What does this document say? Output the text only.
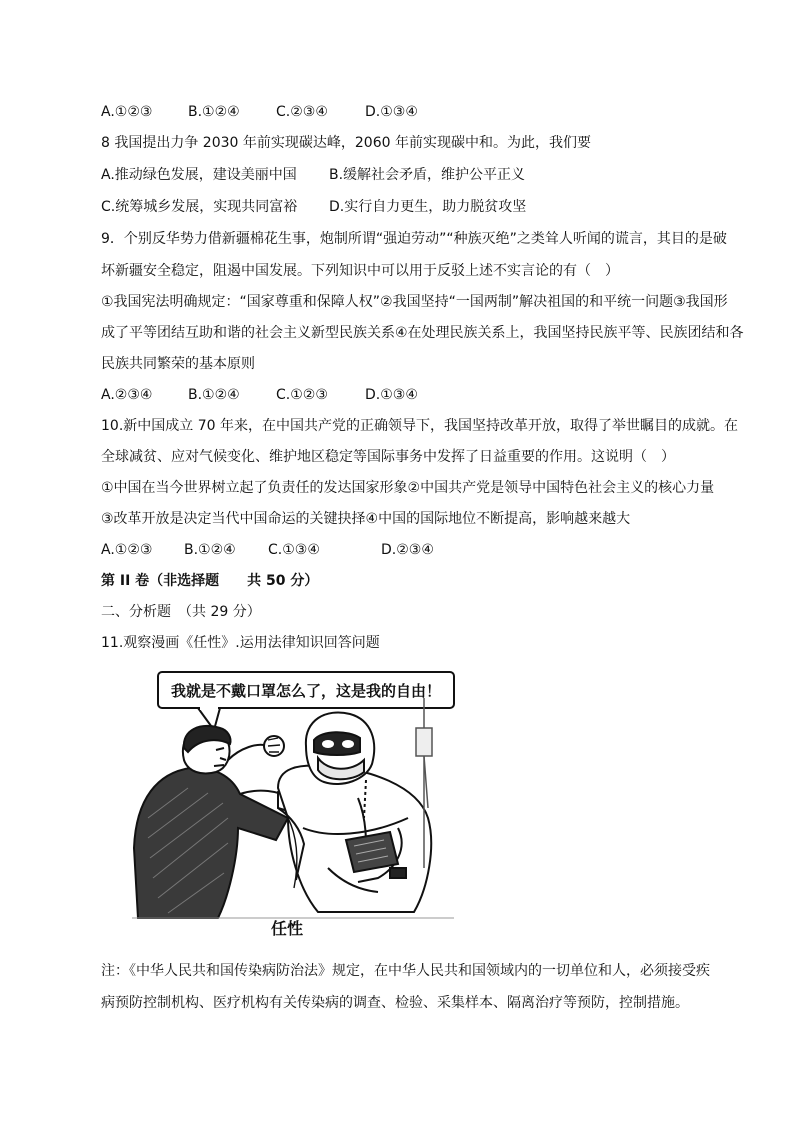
A.①②③	B.①②④	C.②③④	D.①③④
8 我国提出力争 2030 年前实现碳达峰，2060 年前实现碳中和。为此，我们要
A.推动绿色发展，建设美丽中国 B.缓解社会矛盾，维护公平正义
C.统筹城乡发展，实现共同富裕 D.实行自力更生，助力脱贫攻坚
9．个别反华势力借新疆棉花生事，炮制所谓“强迫劳动”“种族灭绝”之类耸人听闻的谎言，其目的是破
坏新疆安全稳定，阻遏中国发展。下列知识中可以用于反驳上述不实言论的有（　）
①我国宪法明确规定：“国家尊重和保障人权”②我国坚持“一国两制”解决祖国的和平统一问题③我国形
成了平等团结互助和谐的社会主义新型民族关系④在处理民族关系上，我国坚持民族平等、民族团结和各
民族共同繁荣的基本原则
A.②③④	B.①②④	C.①②③	D.①③④
10.新中国成立 70 年来，在中国共产党的正确领导下，我国坚持改革开放，取得了举世瞩目的成就。在
全球减贫、应对气候变化、维护地区稳定等国际事务中发挥了日益重要的作用。这说明（　）
①中国在当今世界树立起了负责任的发达国家形象②中国共产党是领导中国特色社会主义的核心力量
③改革开放是决定当代中国命运的关键抉择④中国的国际地位不断提高，影响越来越大
A.①②③ B.①②④ C.①③④	D.②③④
第 II 卷（非选择题　　共 50 分）
二、分析题　（共 29 分）
11.观察漫画《任性》.运用法律知识回答问题
我就是不戴口罩怎么了，这是我的自由！
任性
注：《中华人民共和国传染病防治法》规定，在中华人民共和国领域内的一切单位和人，必须接受疾
病预防控制机构、医疗机构有关传染病的调查、检验、采集样本、隔离治疗等预防，控制措施。
